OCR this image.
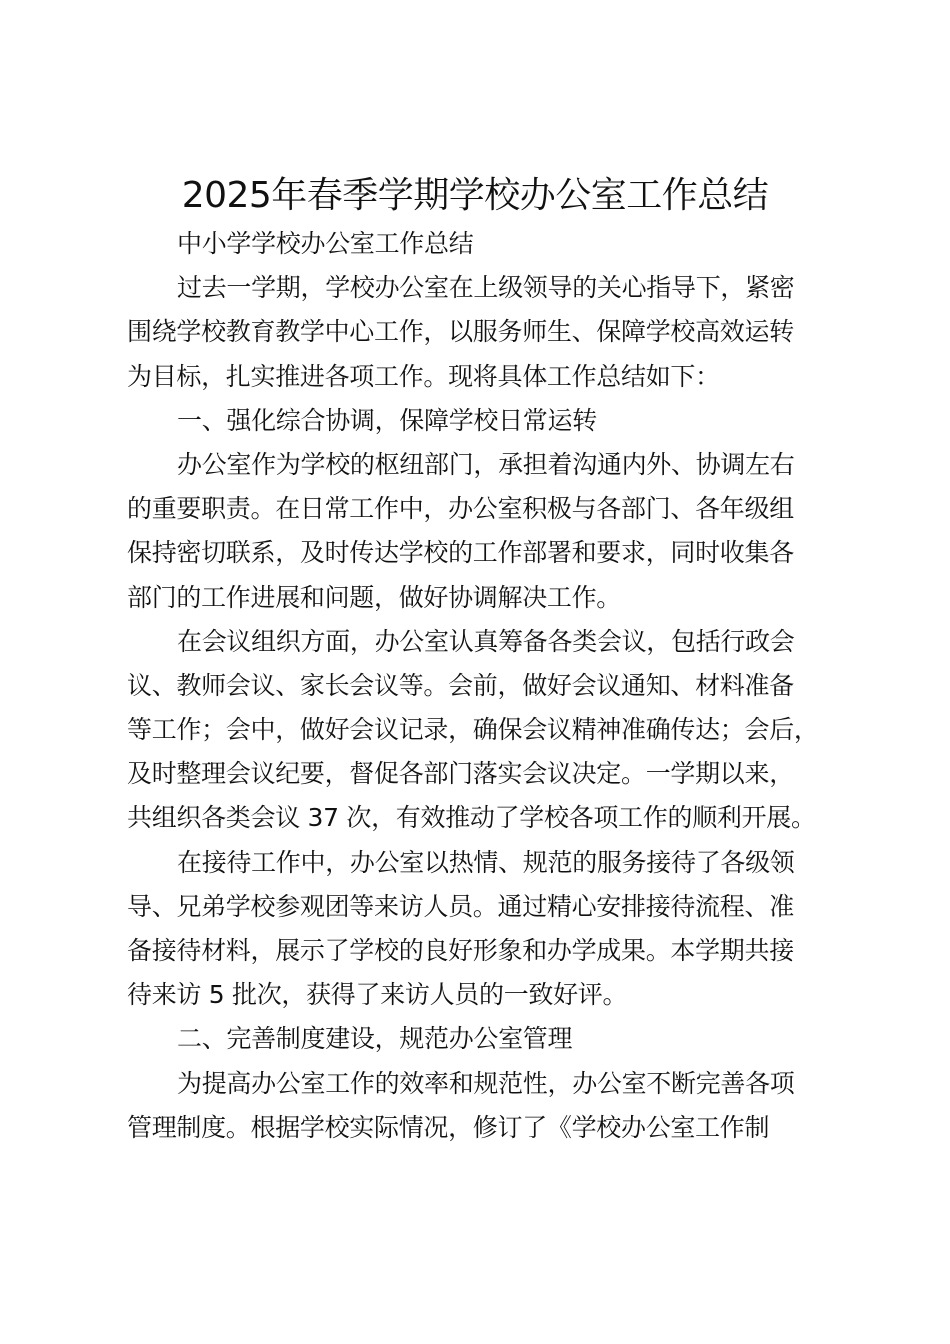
2025年春季学期学校办公室工作总结
中小学学校办公室工作总结
过去一学期，学校办公室在上级领导的关心指导下，紧密
围绕学校教育教学中心工作，以服务师生、保障学校高效运转
为目标，扎实推进各项工作。现将具体工作总结如下：
一、强化综合协调，保障学校日常运转
办公室作为学校的枢纽部门，承担着沟通内外、协调左右
的重要职责。在日常工作中，办公室积极与各部门、各年级组
保持密切联系，及时传达学校的工作部署和要求，同时收集各
部门的工作进展和问题，做好协调解决工作。
在会议组织方面，办公室认真筹备各类会议，包括行政会
议、教师会议、家长会议等。会前，做好会议通知、材料准备
等工作；会中，做好会议记录，确保会议精神准确传达；会后，
及时整理会议纪要，督促各部门落实会议决定。一学期以来，
共组织各类会议 37 次，有效推动了学校各项工作的顺利开展。
在接待工作中，办公室以热情、规范的服务接待了各级领
导、兄弟学校参观团等来访人员。通过精心安排接待流程、准
备接待材料，展示了学校的良好形象和办学成果。本学期共接
待来访 5 批次，获得了来访人员的一致好评。
二、完善制度建设，规范办公室管理
为提高办公室工作的效率和规范性，办公室不断完善各项
管理制度。根据学校实际情况，修订了《学校办公室工作制
